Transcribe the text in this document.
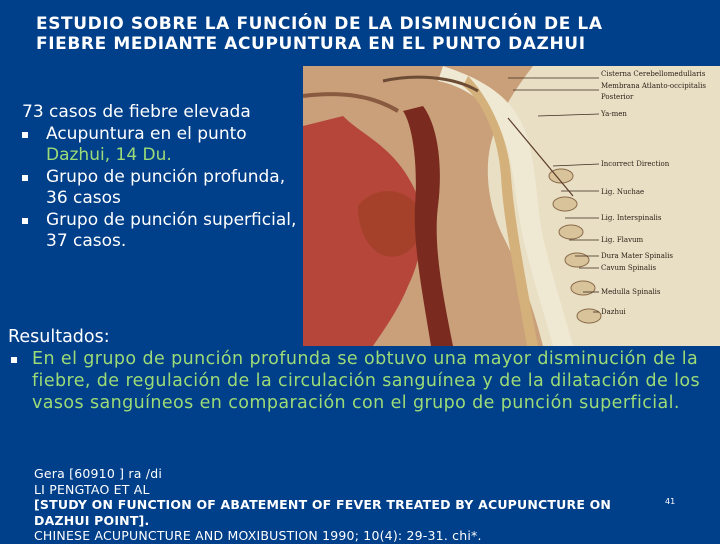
ESTUDIO SOBRE LA FUNCIÓN DE LA DISMINUCIÓN DE LA
FIEBRE MEDIANTE ACUPUNTURA EN EL PUNTO DAZHUI
Cisterna Cerebellomedullaris
Membrana Atlanto-occipitalis
Posterior
Ya-men
Incorrect Direction
Lig. Nuchae
Lig. Interspinalis
Lig. Flavum
Dura Mater Spinalis
Cavum Spinalis
Medulla Spinalis
Dazhui
73 casos de fiebre elevada
Acupuntura en el punto Dazhui, 14 Du.
Grupo de punción profunda, 36 casos
Grupo de punción superficial, 37 casos.
Resultados:
En el grupo de punción profunda se obtuvo una mayor disminución de la fiebre, de regulación de la circulación sanguínea y de la dilatación de los vasos sanguíneos en comparación con el grupo de punción superficial.
Gera [60910 ] ra /di
LI PENGTAO ET AL
[STUDY ON FUNCTION OF ABATEMENT OF FEVER TREATED BY ACUPUNCTURE ON
DAZHUI POINT].
CHINESE ACUPUNCTURE AND MOXIBUSTION 1990; 10(4): 29-31. chi*.
41
